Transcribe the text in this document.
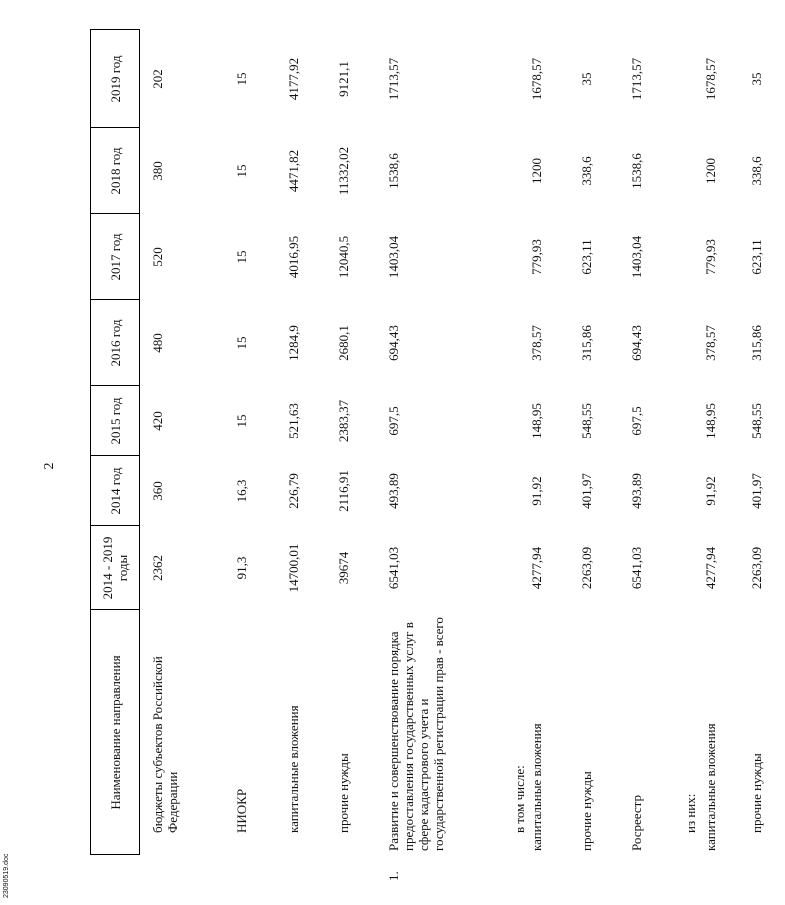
2
	Наименование направления	2014 - 2019 годы	2014 год	2015 год	2016 год	2017 год	2018 год	2019 год
	бюджеты субъектов Российской Федерации	2362	360	420	480	520	380	202
	НИОКР	91,3	16,3	15	15	15	15	15
	капитальные вложения	14700,01	226,79	521,63	1284,9	4016,95	4471,82	4177,92
	прочие нужды	39674	2116,91	2383,37	2680,1	12040,5	11332,02	9121,1
1.	Развитие и совершенствование порядка предоставления государственных услуг в сфере кадастрового учета и государственной регистрации прав - всего	6541,03	493,89	697,5	694,43	1403,04	1538,6	1713,57
	в том числе:							
	капитальные вложения	4277,94	91,92	148,95	378,57	779,93	1200	1678,57
	прочие нужды	2263,09	401,97	548,55	315,86	623,11	338,6	35
	Росреестр	6541,03	493,89	697,5	694,43	1403,04	1538,6	1713,57
	из них:							
	капитальные вложения	4277,94	91,92	148,95	378,57	779,93	1200	1678,57
	прочие нужды	2263,09	401,97	548,55	315,86	623,11	338,6	35
23090519.doc
